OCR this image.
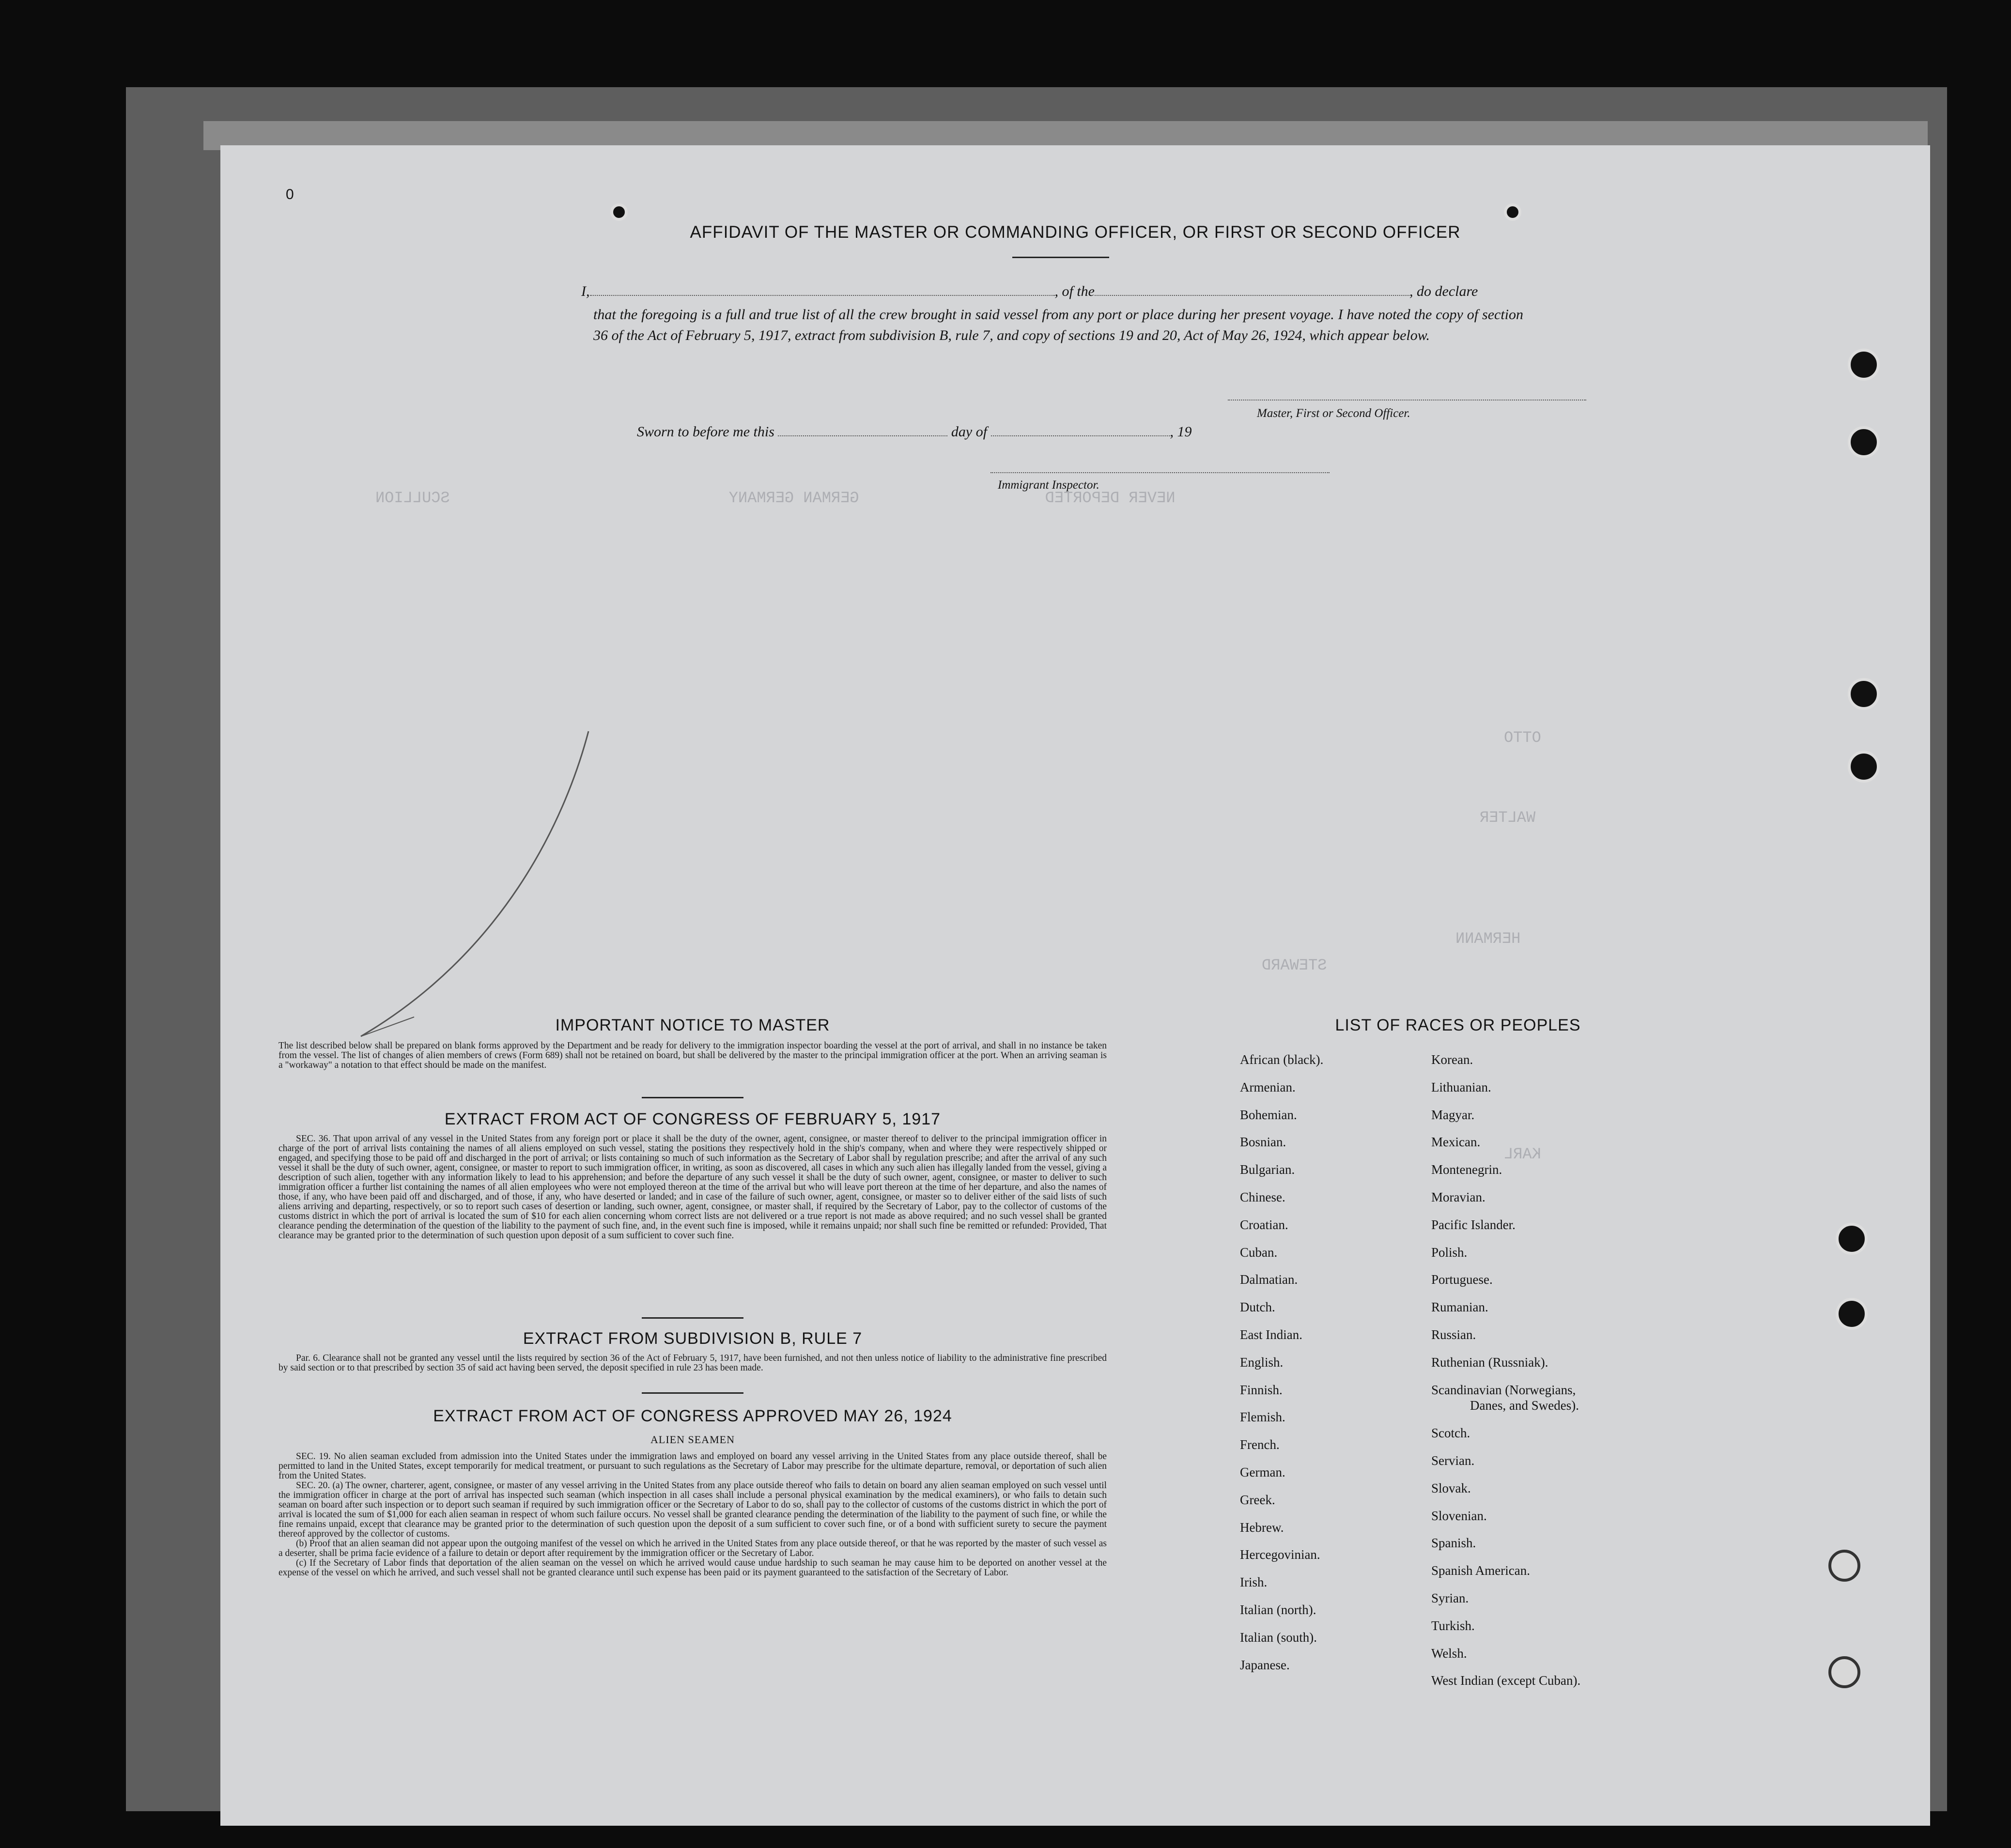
NEVER DEPORTED                    GERMAN GERMANY                              SCULLION
OTTO
WALTER
STEWARD
HERMANN
KARL
0
AFFIDAVIT OF THE MASTER OR COMMANDING OFFICER, OR FIRST OR SECOND OFFICER
I,	, of the	, do declare
that the foregoing is a full and true list of all the crew brought in said vessel from any port or place during her present voyage. I have noted the copy of section 36 of the Act of February 5, 1917, extract from subdivision B, rule 7, and copy of sections 19 and 20, Act of May 26, 1924, which appear below.
Master, First or Second Officer.
Sworn to before me this	day of	, 19
Immigrant Inspector.
IMPORTANT NOTICE TO MASTER
The list described below shall be prepared on blank forms approved by the Department and be ready for delivery to the immigration inspector boarding the vessel at the port of arrival, and shall in no instance be taken from the vessel. The list of changes of alien members of crews (Form 689) shall not be retained on board, but shall be delivered by the master to the principal immigration officer at the port. When an arriving seaman is a "workaway" a notation to that effect should be made on the manifest.
EXTRACT FROM ACT OF CONGRESS OF FEBRUARY 5, 1917
SEC. 36. That upon arrival of any vessel in the United States from any foreign port or place it shall be the duty of the owner, agent, consignee, or master thereof to deliver to the principal immigration officer in charge of the port of arrival lists containing the names of all aliens employed on such vessel, stating the positions they respectively hold in the ship's company, when and where they were respectively shipped or engaged, and specifying those to be paid off and discharged in the port of arrival; or lists containing so much of such information as the Secretary of Labor shall by regulation prescribe; and after the arrival of any such vessel it shall be the duty of such owner, agent, consignee, or master to report to such immigration officer, in writing, as soon as discovered, all cases in which any such alien has illegally landed from the vessel, giving a description of such alien, together with any information likely to lead to his apprehension; and before the departure of any such vessel it shall be the duty of such owner, agent, consignee, or master to deliver to such immigration officer a further list containing the names of all alien employees who were not employed thereon at the time of the arrival but who will leave port thereon at the time of her departure, and also the names of those, if any, who have been paid off and discharged, and of those, if any, who have deserted or landed; and in case of the failure of such owner, agent, consignee, or master so to deliver either of the said lists of such aliens arriving and departing, respectively, or so to report such cases of desertion or landing, such owner, agent, consignee, or master shall, if required by the Secretary of Labor, pay to the collector of customs of the customs district in which the port of arrival is located the sum of $10 for each alien concerning whom correct lists are not delivered or a true report is not made as above required; and no such vessel shall be granted clearance pending the determination of the question of the liability to the payment of such fine, and, in the event such fine is imposed, while it remains unpaid; nor shall such fine be remitted or refunded: Provided, That clearance may be granted prior to the determination of such question upon deposit of a sum sufficient to cover such fine.
EXTRACT FROM SUBDIVISION B, RULE 7
Par. 6. Clearance shall not be granted any vessel until the lists required by section 36 of the Act of February 5, 1917, have been furnished, and not then unless notice of liability to the administrative fine prescribed by said section or to that prescribed by section 35 of said act having been served, the deposit specified in rule 23 has been made.
EXTRACT FROM ACT OF CONGRESS APPROVED MAY 26, 1924
ALIEN SEAMEN
SEC. 19. No alien seaman excluded from admission into the United States under the immigration laws and employed on board any vessel arriving in the United States from any place outside thereof, shall be permitted to land in the United States, except temporarily for medical treatment, or pursuant to such regulations as the Secretary of Labor may prescribe for the ultimate departure, removal, or deportation of such alien from the United States.
SEC. 20. (a) The owner, charterer, agent, consignee, or master of any vessel arriving in the United States from any place outside thereof who fails to detain on board any alien seaman employed on such vessel until the immigration officer in charge at the port of arrival has inspected such seaman (which inspection in all cases shall include a personal physical examination by the medical examiners), or who fails to detain such seaman on board after such inspection or to deport such seaman if required by such immigration officer or the Secretary of Labor to do so, shall pay to the collector of customs of the customs district in which the port of arrival is located the sum of $1,000 for each alien seaman in respect of whom such failure occurs. No vessel shall be granted clearance pending the determination of the liability to the payment of such fine, or while the fine remains unpaid, except that clearance may be granted prior to the determination of such question upon the deposit of a sum sufficient to cover such fine, or of a bond with sufficient surety to secure the payment thereof approved by the collector of customs.
(b) Proof that an alien seaman did not appear upon the outgoing manifest of the vessel on which he arrived in the United States from any place outside thereof, or that he was reported by the master of such vessel as a deserter, shall be prima facie evidence of a failure to detain or deport after requirement by the immigration officer or the Secretary of Labor.
(c) If the Secretary of Labor finds that deportation of the alien seaman on the vessel on which he arrived would cause undue hardship to such seaman he may cause him to be deported on another vessel at the expense of the vessel on which he arrived, and such vessel shall not be granted clearance until such expense has been paid or its payment guaranteed to the satisfaction of the Secretary of Labor.
LIST OF RACES OR PEOPLES
African (black).
Armenian.
Bohemian.
Bosnian.
Bulgarian.
Chinese.
Croatian.
Cuban.
Dalmatian.
Dutch.
East Indian.
English.
Finnish.
Flemish.
French.
German.
Greek.
Hebrew.
Hercegovinian.
Irish.
Italian (north).
Italian (south).
Japanese.
Korean.
Lithuanian.
Magyar.
Mexican.
Montenegrin.
Moravian.
Pacific Islander.
Polish.
Portuguese.
Rumanian.
Russian.
Ruthenian (Russniak).
Scandinavian (Norwegians,
Danes, and Swedes).
Scotch.
Servian.
Slovak.
Slovenian.
Spanish.
Spanish American.
Syrian.
Turkish.
Welsh.
West Indian (except Cuban).
